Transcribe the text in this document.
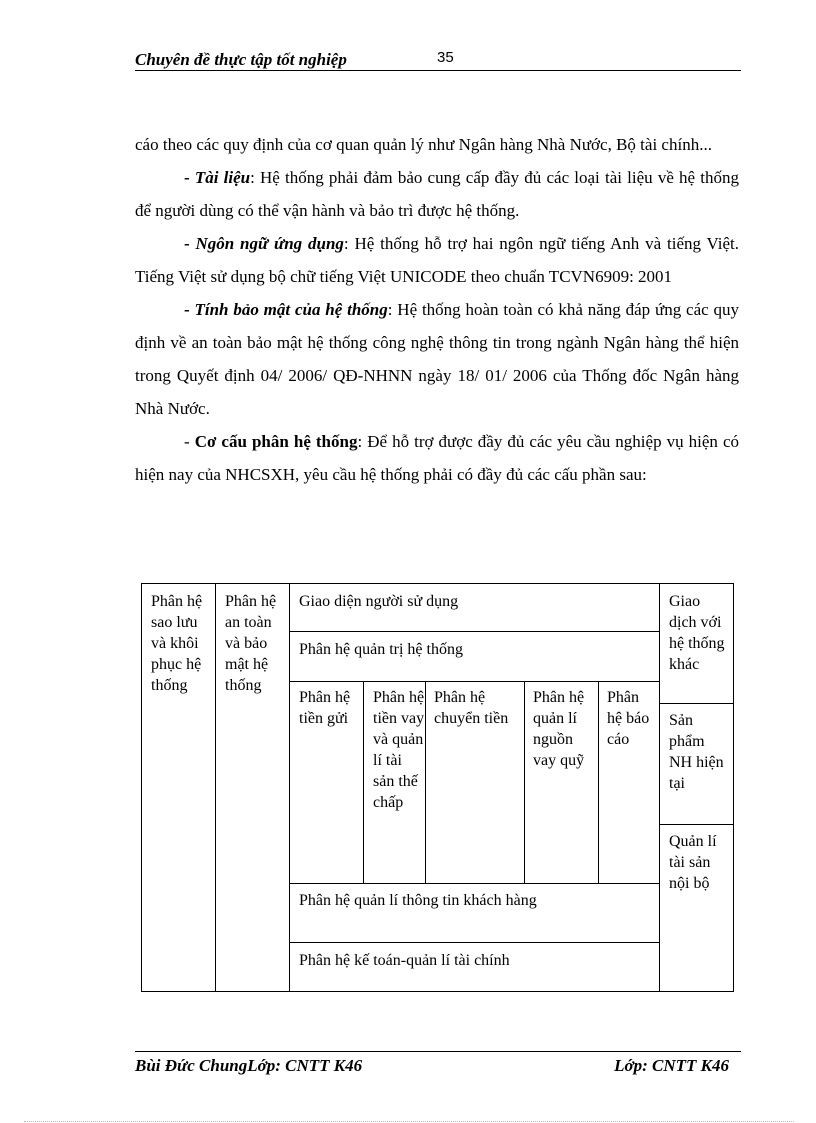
Chuyên đề thực tập tốt nghiệp	35

cáo theo các quy định của cơ quan quản lý như Ngân hàng Nhà Nước, Bộ tài chính...

- Tài liệu: Hệ thống phải đảm bảo cung cấp đầy đủ các loại tài liệu về hệ thống để người dùng có thể vận hành và bảo trì được hệ thống.

- Ngôn ngữ ứng dụng: Hệ thống hỗ trợ hai ngôn ngữ tiếng Anh và tiếng Việt. Tiếng Việt sử dụng bộ chữ tiếng Việt UNICODE theo chuẩn TCVN6909: 2001

- Tính bảo mật của hệ thống: Hệ thống hoàn toàn có khả năng đáp ứng các quy định về an toàn bảo mật hệ thống công nghệ thông tin trong ngành Ngân hàng thể hiện trong Quyết định 04/ 2006/ QĐ-NHNN ngày 18/ 01/ 2006 của Thống đốc Ngân hàng Nhà Nước.

- Cơ cấu phân hệ thống: Để hỗ trợ được đầy đủ các yêu cầu nghiệp vụ hiện có hiện nay của NHCSXH, yêu cầu hệ thống phải có đầy đủ các cấu phần sau:

Phân hệ sao lưu và khôi phục hệ thống
Phân hệ an toàn và bảo mật hệ thống
Giao diện người sử dụng
Phân hệ quản trị hệ thống
Phân hệ tiền gửi
Phân hệ tiền vay và quản lí tài sản thế chấp
Phân hệ chuyển tiền
Phân hệ quản lí nguồn vay quỹ
Phân hệ báo cáo
Phân hệ quản lí thông tin khách hàng
Phân hệ kế toán-quản lí tài chính
Giao dịch với hệ thống khác
Sản phẩm NH hiện tại
Quản lí tài sản nội bộ
Bùi Đức ChungLớp: CNTT K46	Lớp: CNTT K46
